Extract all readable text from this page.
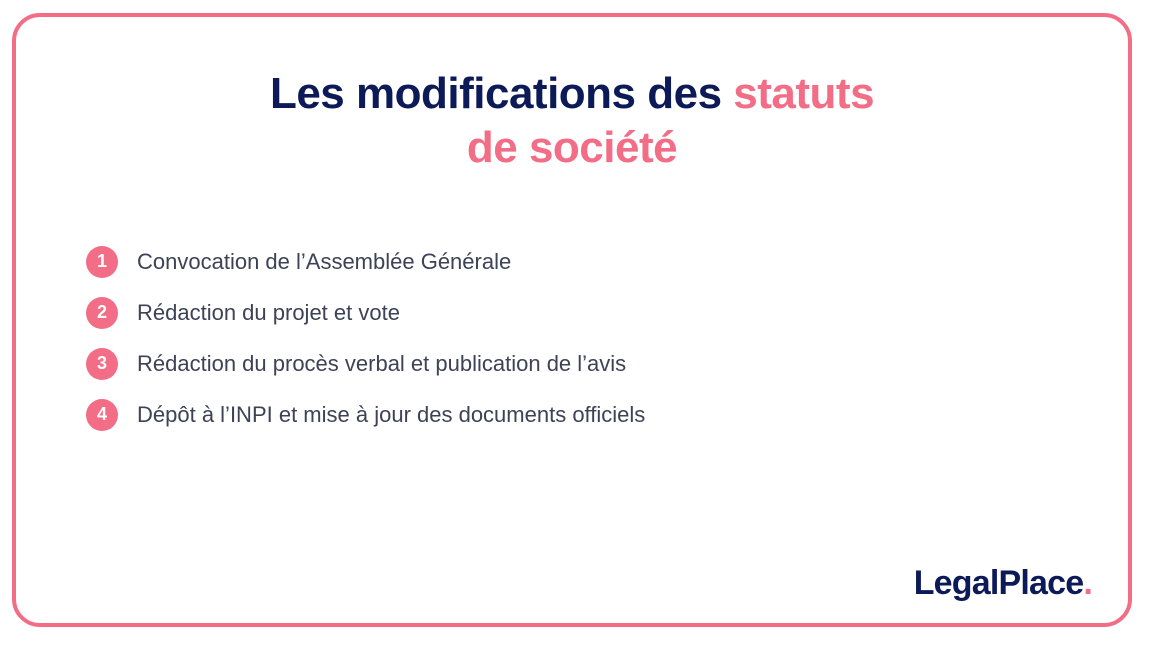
Les modifications des statuts
de société
1	Convocation de l’Assemblée Générale
2	Rédaction du projet et vote
3	Rédaction du procès verbal et publication de l’avis
4	Dépôt à l’INPI et mise à jour des documents officiels
LegalPlace.
